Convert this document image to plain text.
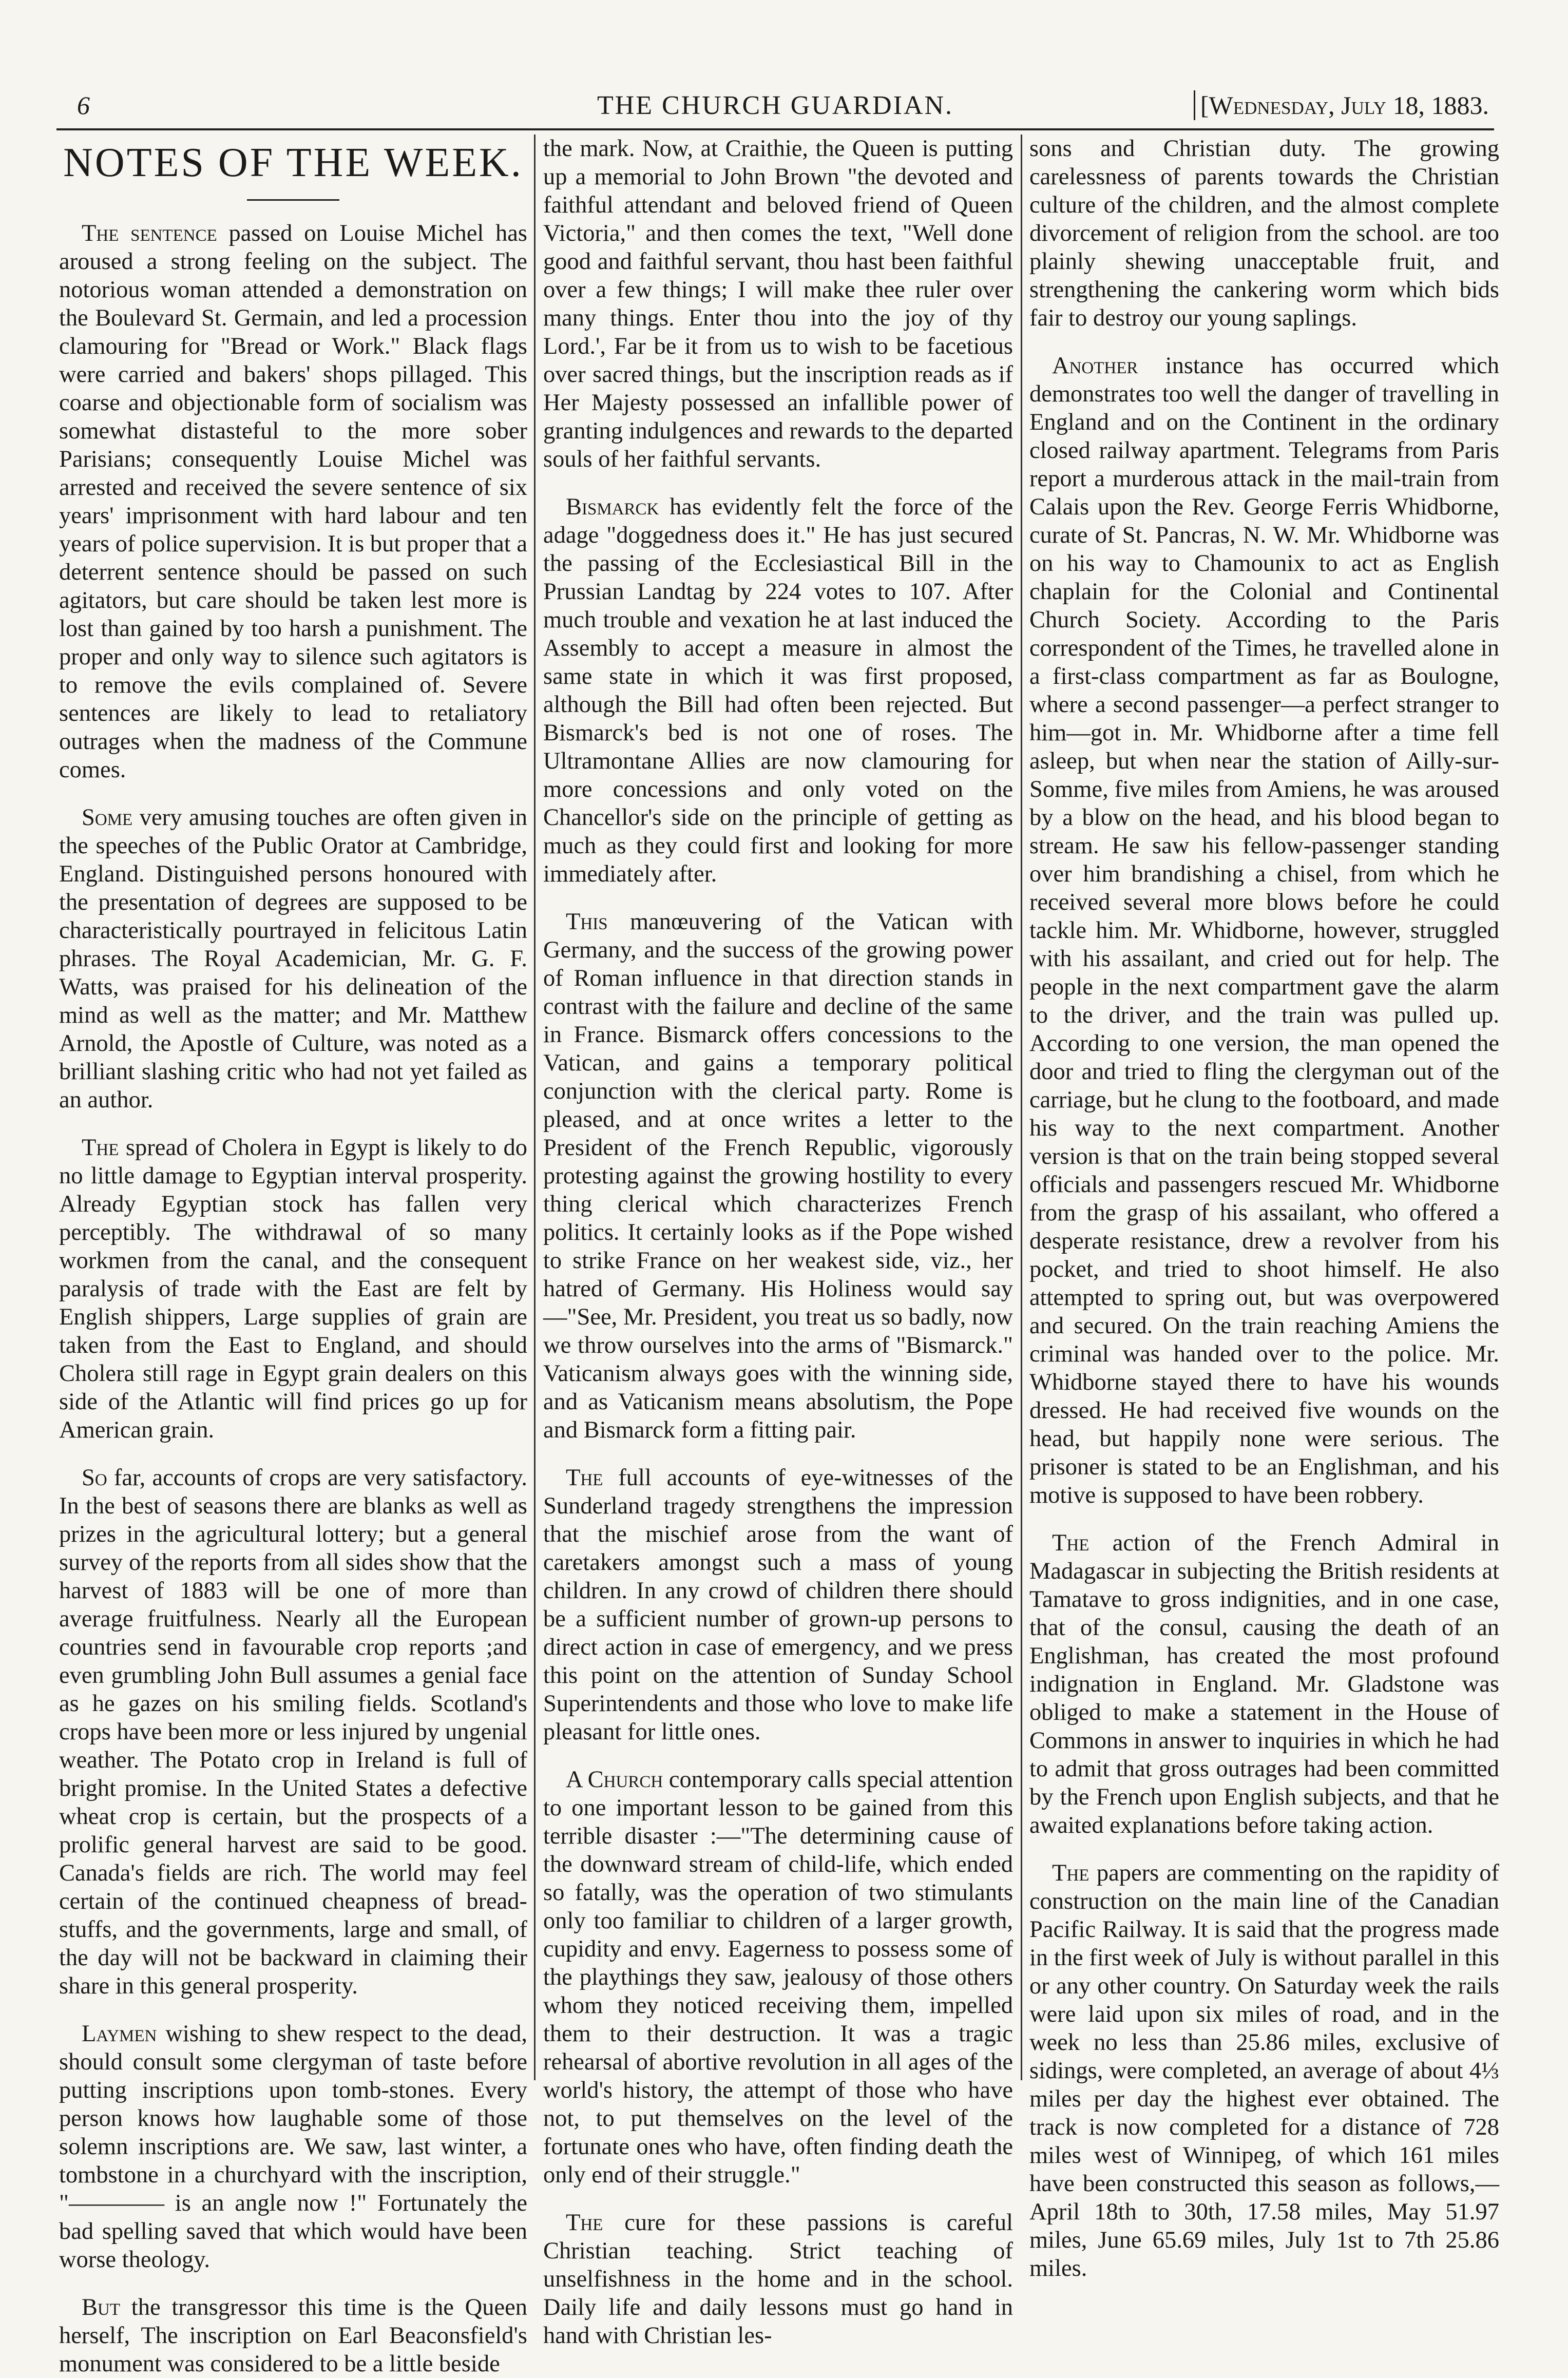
6	THE CHURCH GUARDIAN.	[Wednesday, July 18, 1883.
NOTES OF THE WEEK.

The sentence passed on Louise Michel has aroused a strong feeling on the subject. The notorious woman attended a demonstration on the Boulevard St. Germain, and led a procession clamouring for "Bread or Work." Black flags were carried and bakers' shops pillaged. This coarse and objectionable form of socialism was somewhat distasteful to the more sober Parisians; consequently Louise Michel was arrested and received the severe sentence of six years' imprisonment with hard labour and ten years of police supervision. It is but proper that a deterrent sentence should be passed on such agitators, but care should be taken lest more is lost than gained by too harsh a punishment. The proper and only way to silence such agitators is to remove the evils complained of. Severe sentences are likely to lead to retaliatory outrages when the madness of the Commune comes.

Some very amusing touches are often given in the speeches of the Public Orator at Cambridge, England. Distinguished persons honoured with the presentation of degrees are supposed to be characteristically pourtrayed in felicitous Latin phrases. The Royal Academician, Mr. G. F. Watts, was praised for his delineation of the mind as well as the matter; and Mr. Matthew Arnold, the Apostle of Culture, was noted as a brilliant slashing critic who had not yet failed as an author.

The spread of Cholera in Egypt is likely to do no little damage to Egyptian interval prosperity. Already Egyptian stock has fallen very perceptibly. The withdrawal of so many workmen from the canal, and the consequent paralysis of trade with the East are felt by English shippers, Large supplies of grain are taken from the East to England, and should Cholera still rage in Egypt grain dealers on this side of the Atlantic will find prices go up for American grain.

So far, accounts of crops are very satisfactory. In the best of seasons there are blanks as well as prizes in the agricultural lottery; but a general survey of the reports from all sides show that the harvest of 1883 will be one of more than average fruitfulness. Nearly all the European countries send in favourable crop reports ;and even grumbling John Bull assumes a genial face as he gazes on his smiling fields. Scotland's crops have been more or less injured by ungenial weather. The Potato crop in Ireland is full of bright promise. In the United States a defective wheat crop is certain, but the prospects of a prolific general harvest are said to be good. Canada's fields are rich. The world may feel certain of the continued cheapness of bread-stuffs, and the governments, large and small, of the day will not be backward in claiming their share in this general prosperity.

Laymen wishing to shew respect to the dead, should consult some clergyman of taste before putting inscriptions upon tomb-stones. Every person knows how laughable some of those solemn inscriptions are. We saw, last winter, a tombstone in a churchyard with the inscription, "———— is an angle now !" Fortunately the bad spelling saved that which would have been worse theology.

But the transgressor this time is the Queen herself, The inscription on Earl Beaconsfield's monument was considered to be a little beside

the mark. Now, at Craithie, the Queen is putting up a memorial to John Brown "the devoted and faithful attendant and beloved friend of Queen Victoria," and then comes the text, "Well done good and faithful servant, thou hast been faithful over a few things; I will make thee ruler over many things. Enter thou into the joy of thy Lord.', Far be it from us to wish to be facetious over sacred things, but the inscription reads as if Her Majesty possessed an infallible power of granting indulgences and rewards to the departed souls of her faithful servants.

Bismarck has evidently felt the force of the adage "doggedness does it." He has just secured the passing of the Ecclesiastical Bill in the Prussian Landtag by 224 votes to 107. After much trouble and vexation he at last induced the Assembly to accept a measure in almost the same state in which it was first proposed, although the Bill had often been rejected. But Bismarck's bed is not one of roses. The Ultramontane Allies are now clamouring for more concessions and only voted on the Chancellor's side on the principle of getting as much as they could first and looking for more immediately after.

This manœuvering of the Vatican with Germany, and the success of the growing power of Roman influence in that direction stands in contrast with the failure and decline of the same in France. Bismarck offers concessions to the Vatican, and gains a temporary political conjunction with the clerical party. Rome is pleased, and at once writes a letter to the President of the French Republic, vigorously protesting against the growing hostility to every thing clerical which characterizes French politics. It certainly looks as if the Pope wished to strike France on her weakest side, viz., her hatred of Germany. His Holiness would say—"See, Mr. President, you treat us so badly, now we throw ourselves into the arms of "Bismarck." Vaticanism always goes with the winning side, and as Vaticanism means absolutism, the Pope and Bismarck form a fitting pair.

The full accounts of eye-witnesses of the Sunderland tragedy strengthens the impression that the mischief arose from the want of caretakers amongst such a mass of young children. In any crowd of children there should be a sufficient number of grown-up persons to direct action in case of emergency, and we press this point on the attention of Sunday School Superintendents and those who love to make life pleasant for little ones.

A Church contemporary calls special attention to one important lesson to be gained from this terrible disaster :—"The determining cause of the downward stream of child-life, which ended so fatally, was the operation of two stimulants only too familiar to children of a larger growth, cupidity and envy. Eagerness to possess some of the playthings they saw, jealousy of those others whom they noticed receiving them, impelled them to their destruction. It was a tragic rehearsal of abortive revolution in all ages of the world's history, the attempt of those who have not, to put themselves on the level of the fortunate ones who have, often finding death the only end of their struggle."

The cure for these passions is careful Christian teaching. Strict teaching of unselfishness in the home and in the school. Daily life and daily lessons must go hand in hand with Christian les-

sons and Christian duty. The growing carelessness of parents towards the Christian culture of the children, and the almost complete divorcement of religion from the school. are too plainly shewing unacceptable fruit, and strengthening the cankering worm which bids fair to destroy our young saplings.

Another instance has occurred which demonstrates too well the danger of travelling in England and on the Continent in the ordinary closed railway apartment. Telegrams from Paris report a murderous attack in the mail-train from Calais upon the Rev. George Ferris Whidborne, curate of St. Pancras, N. W. Mr. Whidborne was on his way to Chamounix to act as English chaplain for the Colonial and Continental Church Society. According to the Paris correspondent of the Times, he travelled alone in a first-class compartment as far as Boulogne, where a second passenger—a perfect stranger to him—got in. Mr. Whidborne after a time fell asleep, but when near the station of Ailly-sur-Somme, five miles from Amiens, he was aroused by a blow on the head, and his blood began to stream. He saw his fellow-passenger standing over him brandishing a chisel, from which he received several more blows before he could tackle him. Mr. Whidborne, however, struggled with his assailant, and cried out for help. The people in the next compartment gave the alarm to the driver, and the train was pulled up. According to one version, the man opened the door and tried to fling the clergyman out of the carriage, but he clung to the footboard, and made his way to the next compartment. Another version is that on the train being stopped several officials and passengers rescued Mr. Whidborne from the grasp of his assailant, who offered a desperate resistance, drew a revolver from his pocket, and tried to shoot himself. He also attempted to spring out, but was overpowered and secured. On the train reaching Amiens the criminal was handed over to the police. Mr. Whidborne stayed there to have his wounds dressed. He had received five wounds on the head, but happily none were serious. The prisoner is stated to be an Englishman, and his motive is supposed to have been robbery.

The action of the French Admiral in Madagascar in subjecting the British residents at Tamatave to gross indignities, and in one case, that of the consul, causing the death of an Englishman, has created the most profound indignation in England. Mr. Gladstone was obliged to make a statement in the House of Commons in answer to inquiries in which he had to admit that gross outrages had been committed by the French upon English subjects, and that he awaited explanations before taking action.

The papers are commenting on the rapidity of construction on the main line of the Canadian Pacific Railway. It is said that the progress made in the first week of July is without parallel in this or any other country. On Saturday week the rails were laid upon six miles of road, and in the week no less than 25.86 miles, exclusive of sidings, were completed, an average of about 4⅓ miles per day the highest ever obtained. The track is now completed for a distance of 728 miles west of Winnipeg, of which 161 miles have been constructed this season as follows,—April 18th to 30th, 17.58 miles, May 51.97 miles, June 65.69 miles, July 1st to 7th 25.86 miles.
